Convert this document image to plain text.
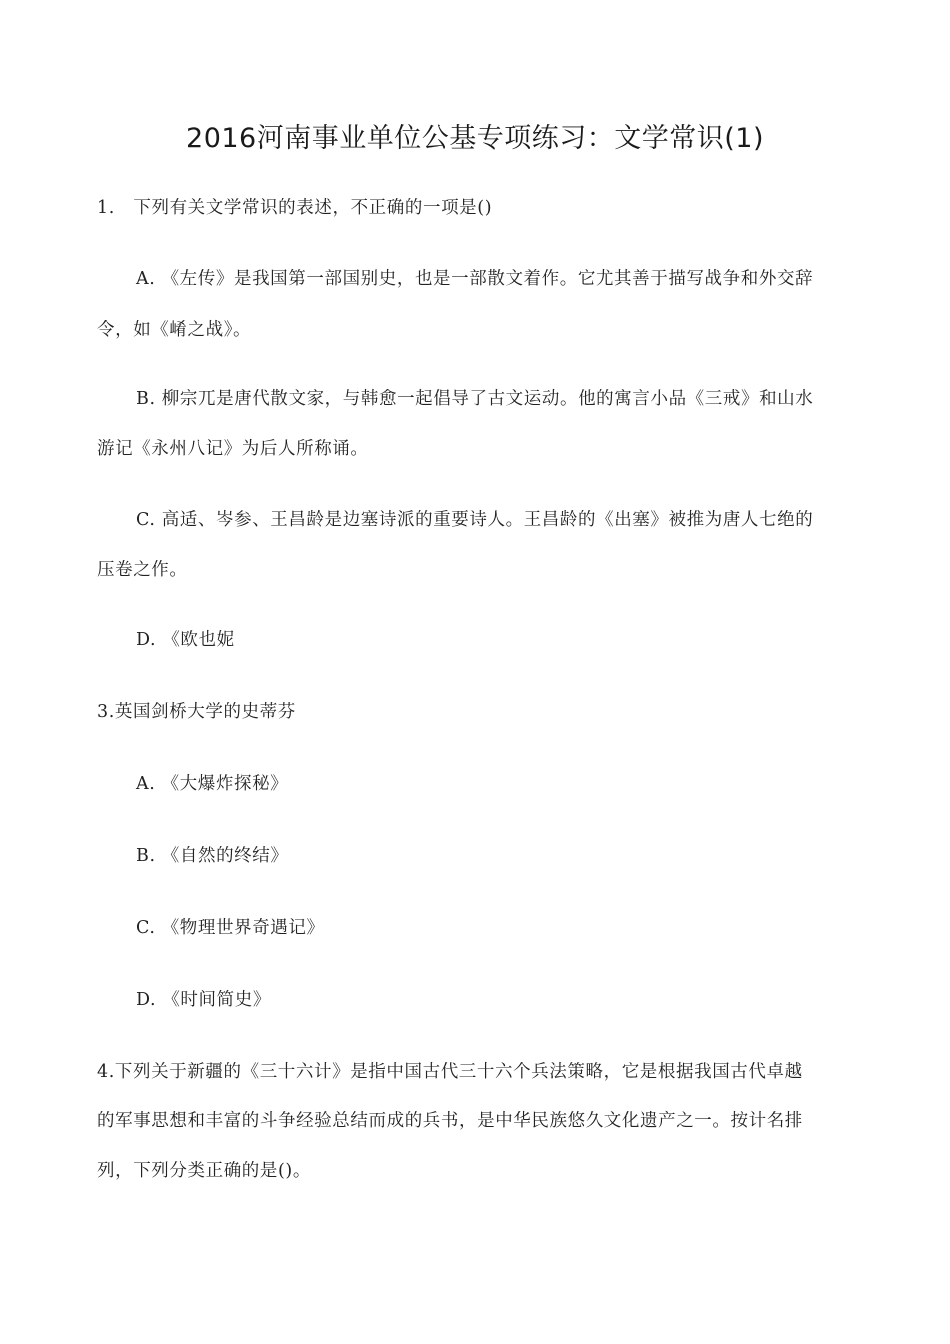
2016河南事业单位公基专项练习：文学常识(1)
1.   下列有关文学常识的表述，不正确的一项是()
A. 《左传》是我国第一部国别史，也是一部散文着作。它尤其善于描写战争和外交辞
令，如《崤之战》。
B. 柳宗兀是唐代散文家，与韩愈一起倡导了古文运动。他的寓言小品《三戒》和山水
游记《永州八记》为后人所称诵。
C. 高适、岑参、王昌龄是边塞诗派的重要诗人。王昌龄的《出塞》被推为唐人七绝的
压卷之作。
D. 《欧也妮
3.英国剑桥大学的史蒂芬
A. 《大爆炸探秘》
B. 《自然的终结》
C. 《物理世界奇遇记》
D. 《时间简史》
4.下列关于新疆的《三十六计》是指中国古代三十六个兵法策略，它是根据我国古代卓越
的军事思想和丰富的斗争经验总结而成的兵书，是中华民族悠久文化遗产之一。按计名排
列，下列分类正确的是()。
